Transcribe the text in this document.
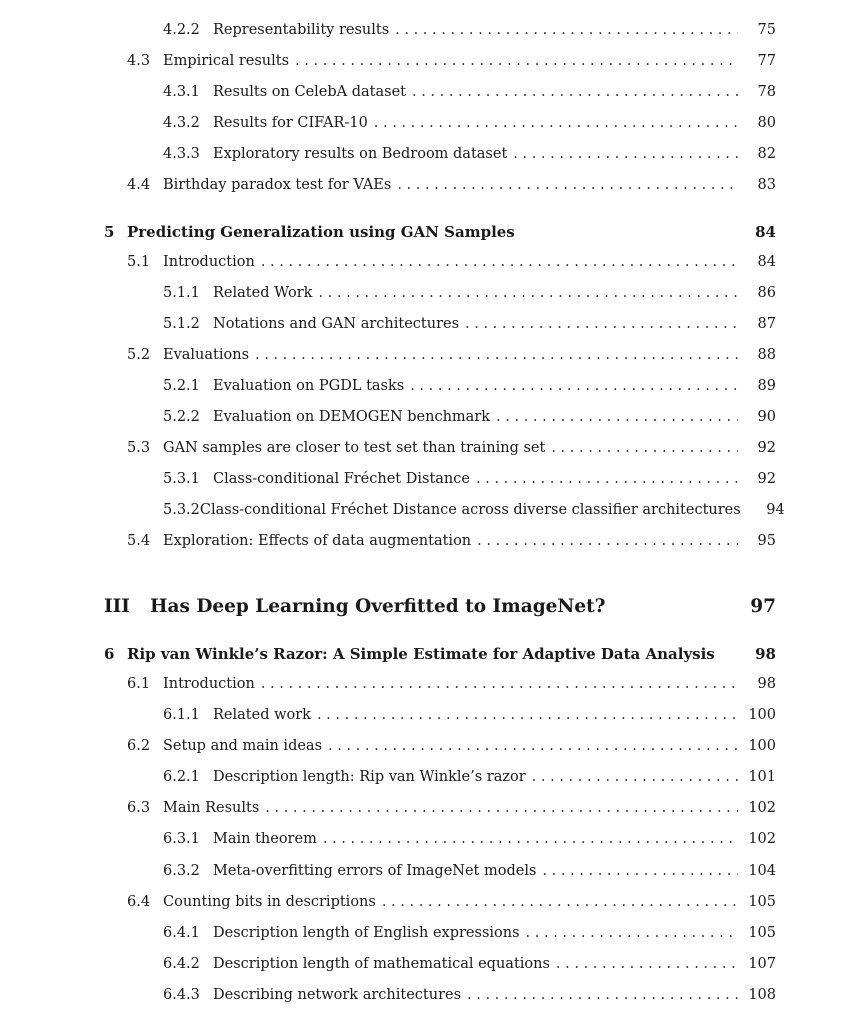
4.2.2 Representability results . . .	75
4.3 Empirical results . . .	77
4.3.1 Results on CelebA dataset . . .	78
4.3.2 Results for CIFAR-10 . . .	80
4.3.3 Exploratory results on Bedroom dataset . . .	82
4.4 Birthday paradox test for VAEs . . .	83
5 Predicting Generalization using GAN Samples	84
5.1 Introduction . . .	84
5.1.1 Related Work . . .	86
5.1.2 Notations and GAN architectures . . .	87
5.2 Evaluations . . .	88
5.2.1 Evaluation on PGDL tasks . . .	89
5.2.2 Evaluation on DEMOGEN benchmark . . .	90
5.3 GAN samples are closer to test set than training set . . .	92
5.3.1 Class-conditional Fréchet Distance . . .	92
5.3.2 Class-conditional Fréchet Distance across diverse classifier architectures	94
5.4 Exploration: Effects of data augmentation . . .	95
III	Has Deep Learning Overfitted to ImageNet?	97
6 Rip van Winkle’s Razor: A Simple Estimate for Adaptive Data Analysis	98
6.1 Introduction . . .	98
6.1.1 Related work . . .	100
6.2 Setup and main ideas . . .	100
6.2.1 Description length: Rip van Winkle’s razor . . .	101
6.3 Main Results . . .	102
6.3.1 Main theorem . . .	102
6.3.2 Meta-overfitting errors of ImageNet models . . .	104
6.4 Counting bits in descriptions . . .	105
6.4.1 Description length of English expressions . . .	105
6.4.2 Description length of mathematical equations . . .	107
6.4.3 Describing network architectures . . .	108
